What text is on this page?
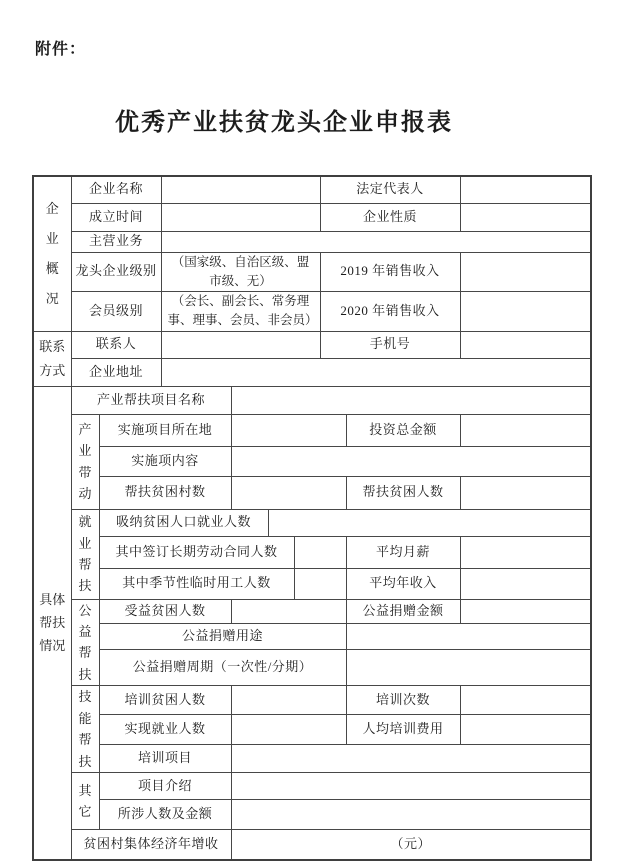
附件：
优秀产业扶贫龙头企业申报表
企业概况	企业名称						法定代表人		
	成立时间						企业性质		
	主营业务								
	龙头企业级别		（国家级、自治区级、盟市级、无）				2019 年销售收入		
	会员级别		（会长、副会长、常务理事、理事、会员、非会员）				2020 年销售收入		
联系方式	联系人						手机号		
	企业地址								
具体帮扶情况	产业帮扶项目名称								
	产业带动	实施项目所在地						投资总金额	
		实施项内容							
		帮扶贫困村数						帮扶贫困人数	
	就业帮扶	吸纳贫困人口就业人数							
		其中签订长期劳动合同人数						平均月薪	
		其中季节性临时用工人数						平均年收入	
	公益帮扶	受益贫困人数						公益捐赠金额	
		公益捐赠用途							
		公益捐赠周期（一次性/分期）							
	技能帮扶	培训贫困人数						培训次数	
		实现就业人数						人均培训费用	
		培训项目							
	其它	项目介绍							
		所涉人数及金额							
	贫困村集体经济年增收			（元）					
